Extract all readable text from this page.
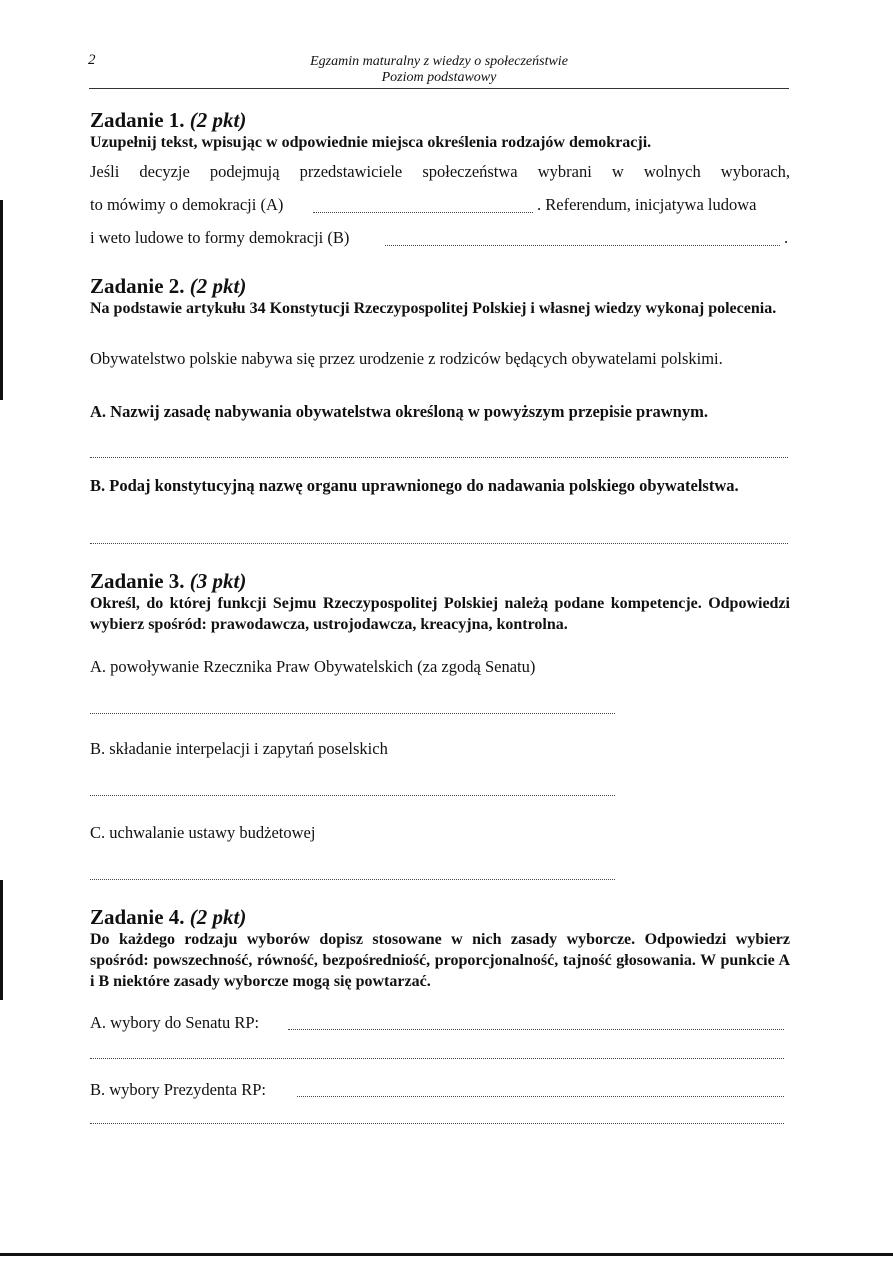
2	Egzamin maturalny z wiedzy o społeczeństwie
Poziom podstawowy
Zadanie 1. (2 pkt)
Uzupełnij tekst, wpisując w odpowiednie miejsca określenia rodzajów demokracji.
Jeśli decyzje podejmują przedstawiciele społeczeństwa wybrani w wolnych wyborach,
to mówimy o demokracji (A)	. Referendum, inicjatywa ludowa
i weto ludowe to formy demokracji (B)	.
Zadanie 2. (2 pkt)
Na podstawie artykułu 34 Konstytucji Rzeczypospolitej Polskiej i własnej wiedzy wykonaj polecenia.
Obywatelstwo polskie nabywa się przez urodzenie z rodziców będących obywatelami polskimi.
A. Nazwij zasadę nabywania obywatelstwa określoną w powyższym przepisie prawnym.
B. Podaj konstytucyjną nazwę organu uprawnionego do nadawania polskiego obywatelstwa.
Zadanie 3. (3 pkt)
Określ, do której funkcji Sejmu Rzeczypospolitej Polskiej należą podane kompetencje. Odpowiedzi wybierz spośród: prawodawcza, ustrojodawcza, kreacyjna, kontrolna.
A. powoływanie Rzecznika Praw Obywatelskich (za zgodą Senatu)
B. składanie interpelacji i zapytań poselskich
C. uchwalanie ustawy budżetowej
Zadanie 4. (2 pkt)
Do każdego rodzaju wyborów dopisz stosowane w nich zasady wyborcze. Odpowiedzi wybierz spośród: powszechność, równość, bezpośredniość, proporcjonalność, tajność głosowania. W punkcie A i B niektóre zasady wyborcze mogą się powtarzać.
A. wybory do Senatu RP:
B. wybory Prezydenta RP:
